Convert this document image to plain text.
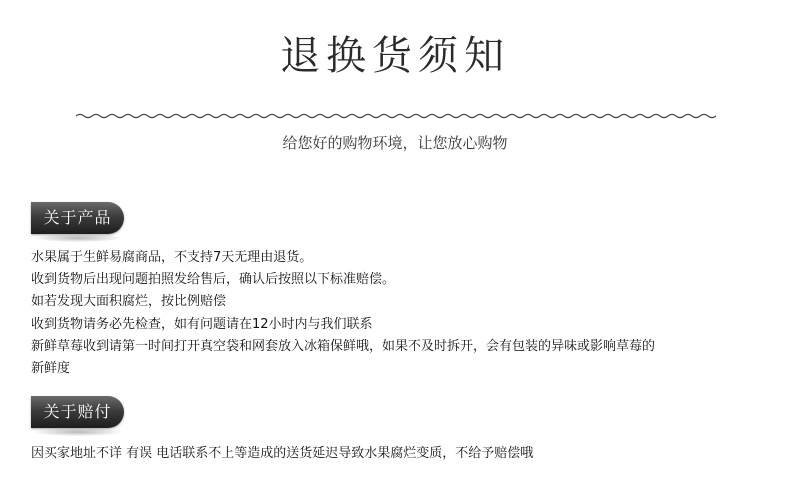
退换货须知
给您好的购物环境，让您放心购物
关于产品

水果属于生鲜易腐商品，不支持7天无理由退货。

收到货物后出现问题拍照发给售后，确认后按照以下标准赔偿。

如若发现大面积腐烂，按比例赔偿

收到货物请务必先检查，如有问题请在12小时内与我们联系

新鲜草莓收到请第一时间打开真空袋和网套放入冰箱保鲜哦，如果不及时拆开，会有包装的异味或影响草莓的

新鲜度

关于赔付

因买家地址不详 有误 电话联系不上等造成的送货延迟导致水果腐烂变质，不给予赔偿哦
